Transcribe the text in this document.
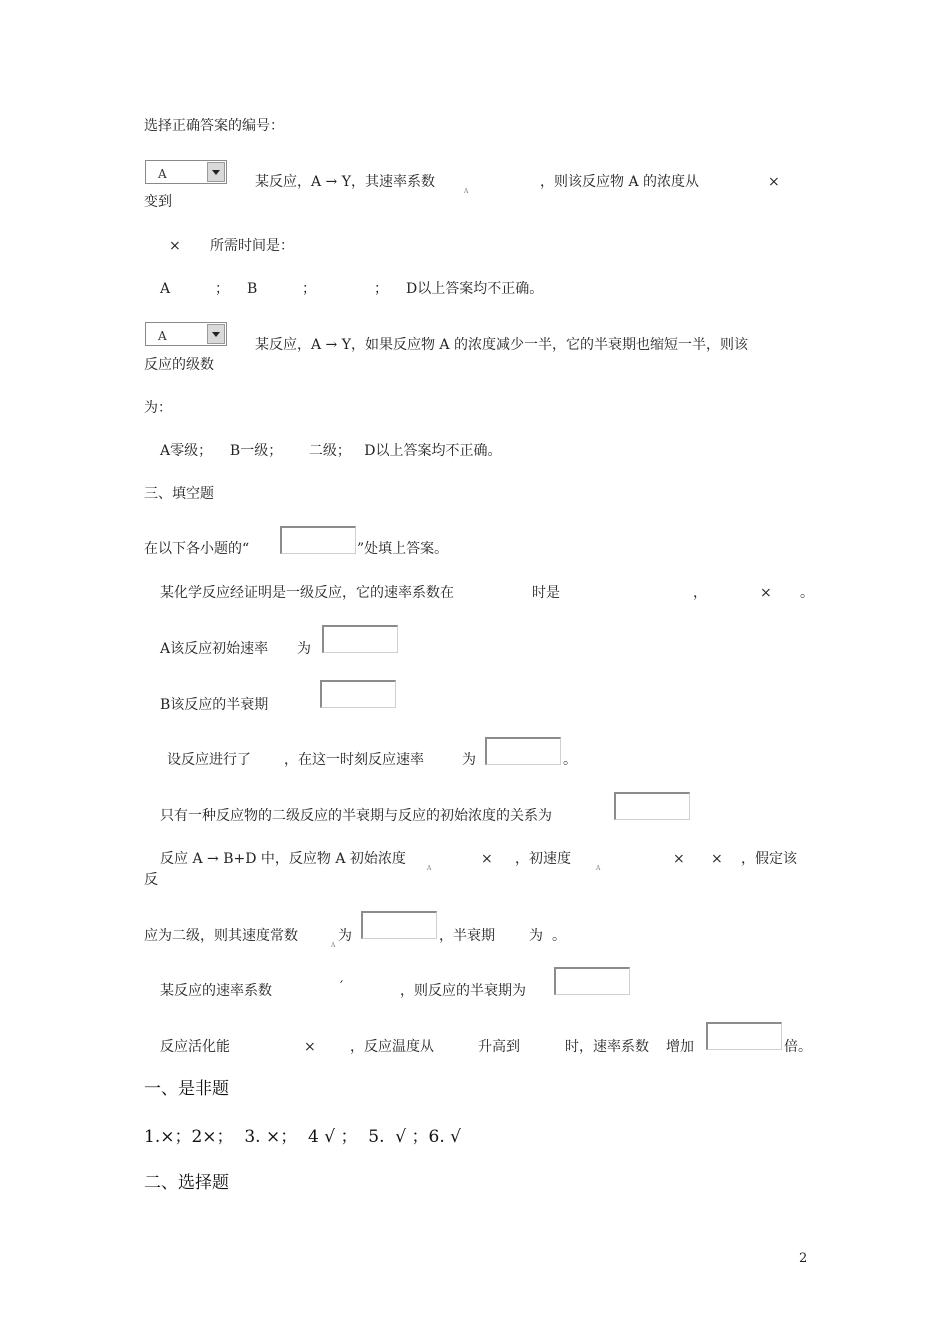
选择正确答案的编号：
A	某反应，A → Y，其速率系数
A
，则该反应物 A 的浓度从	×
变到
× 所需时间是：
A	； B	；	； D以上答案均不正确。
A
某反应，A → Y，如果反应物 A 的浓度减少一半，它的半衰期也缩短一半，则该
反应的级数
为：
A零级；    B一级；      二级；   D以上答案均不正确。
三、填空题
在以下各小题的“	”处填上答案。
某化学反应经证明是一级反应，它的速率系数在	时是	，	× 。
A该反应初始速率 为
B该反应的半衰期
设反应进行了 ，在这一时刻反应速率	为	。
只有一种反应物的二级反应的半衰期与反应的初始浓度的关系为
反应 A → B+D 中，反应物 A 初始浓度
A
× ，初速度
A
× × ，假定该
反
应为二级，则其速度常数
A
为	，半衰期 为 。
某反应的速率系数	′	，则反应的半衰期为
反应活化能	× ，反应温度从	升高到	时，速率系数 增加	倍。
一、是非题
1.×；2×；  3. ×；  4 √ ；  5.  √ ；6. √
二、选择题
2
